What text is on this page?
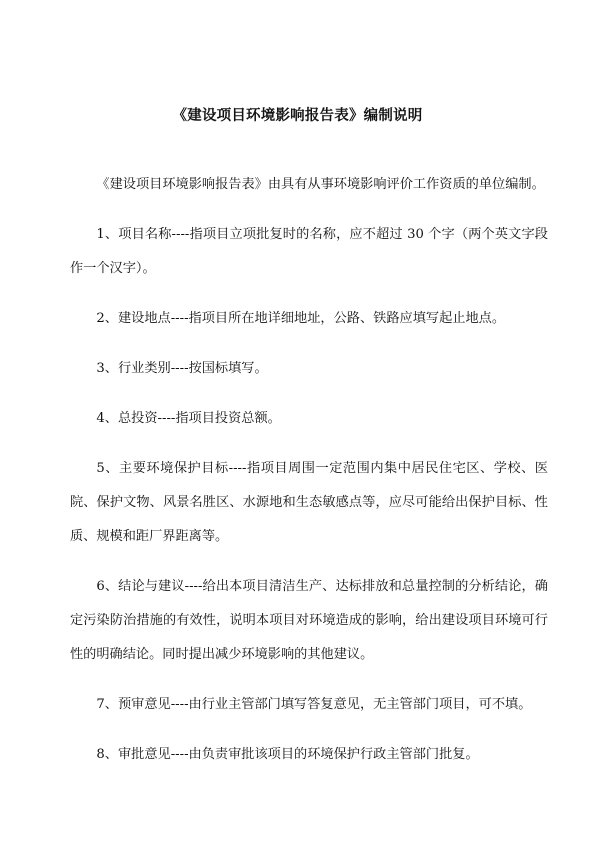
《建设项目环境影响报告表》编制说明

《建设项目环境影响报告表》由具有从事环境影响评价工作资质的单位编制。

1、项目名称----指项目立项批复时的名称，应不超过 30 个字（两个英文字段作一个汉字）。

2、建设地点----指项目所在地详细地址，公路、铁路应填写起止地点。

3、行业类别----按国标填写。

4、总投资----指项目投资总额。

5、主要环境保护目标----指项目周围一定范围内集中居民住宅区、学校、医院、保护文物、风景名胜区、水源地和生态敏感点等，应尽可能给出保护目标、性质、规模和距厂界距离等。

6、结论与建议----给出本项目清洁生产、达标排放和总量控制的分析结论，确定污染防治措施的有效性，说明本项目对环境造成的影响，给出建设项目环境可行性的明确结论。同时提出减少环境影响的其他建议。

7、预审意见----由行业主管部门填写答复意见，无主管部门项目，可不填。

8、审批意见----由负责审批该项目的环境保护行政主管部门批复。
